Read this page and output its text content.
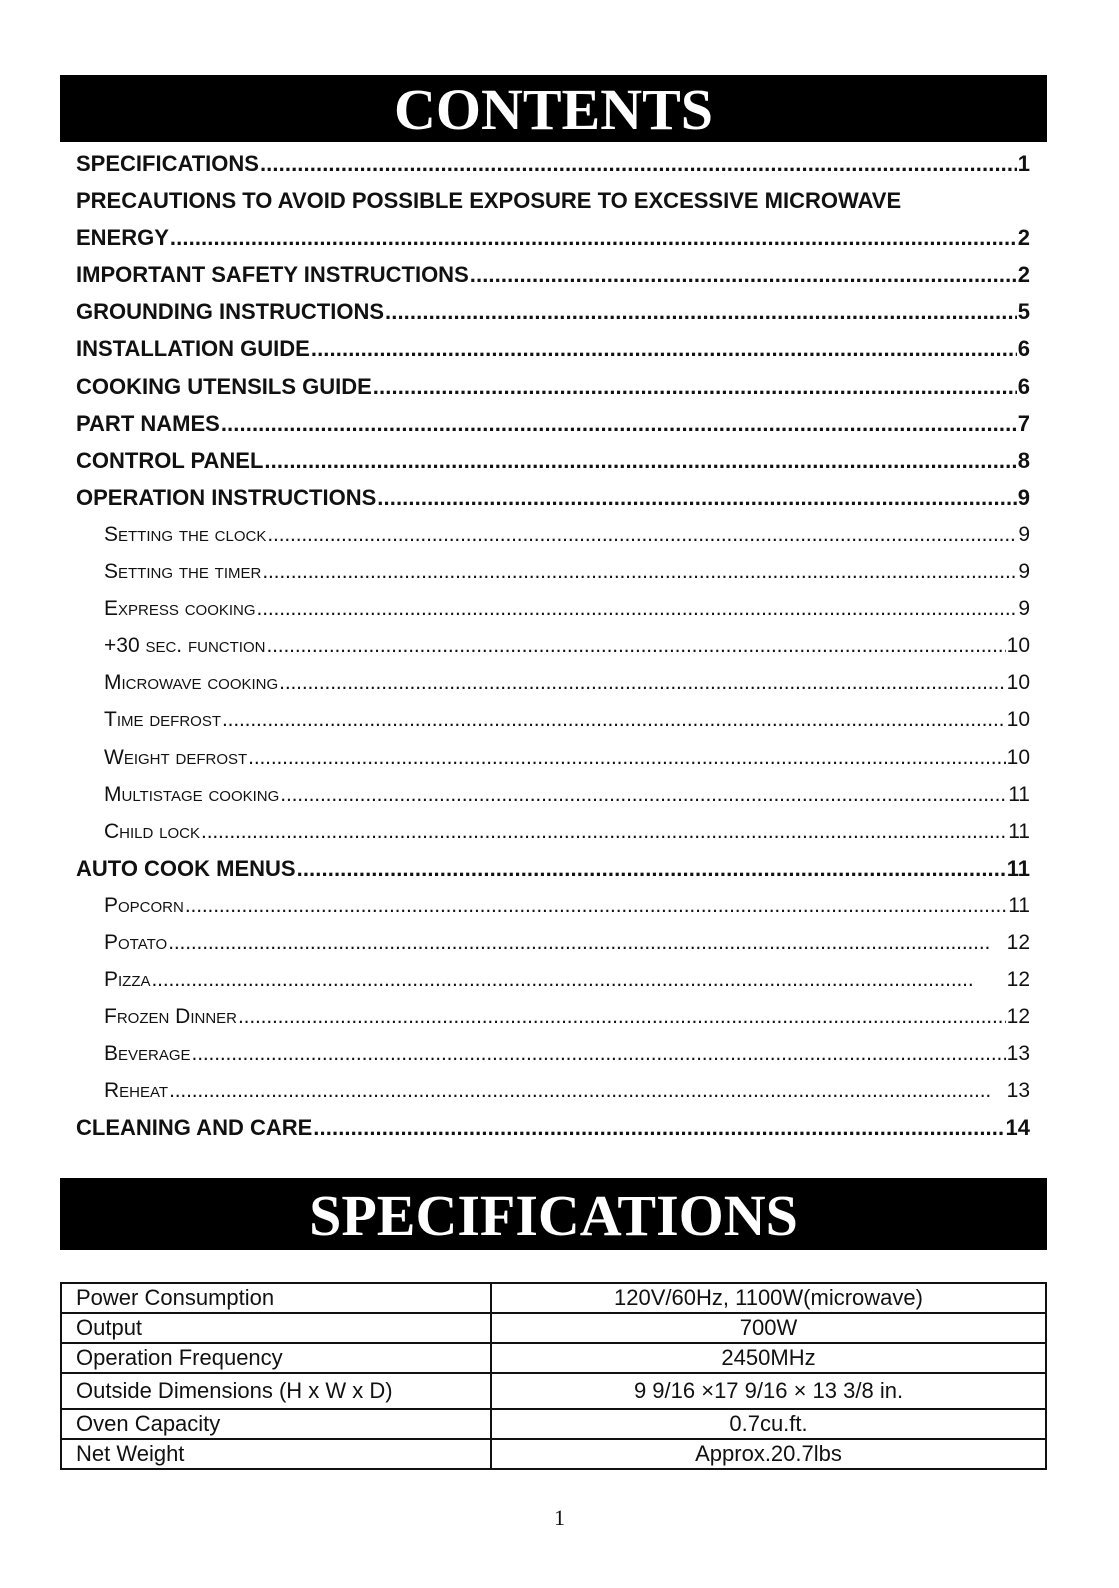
CONTENTS
SPECIFICATIONS . . .	1
PRECAUTIONS TO AVOID POSSIBLE EXPOSURE TO EXCESSIVE MICROWAVE
ENERGY . . .	2
IMPORTANT SAFETY INSTRUCTIONS . . .	2
GROUNDING INSTRUCTIONS . . .	5
INSTALLATION GUIDE . . .	6
COOKING UTENSILS GUIDE . . .	6
PART NAMES . . .	7
CONTROL PANEL . . .	8
OPERATION INSTRUCTIONS . . .	9
Setting the clock . . .	9
Setting the timer . . .	9
Express cooking . . .	9
+30 sec. function . . .	10
Microwave cooking . . .	10
Time defrost . . .	10
Weight defrost . . .	10
Multistage cooking . . .	11
Child lock . . .	11
AUTO COOK MENUS . . .	11
Popcorn . . .	11
Potato . . .	12
Pizza . . .	12
Frozen Dinner . . .	12
Beverage . . .	13
Reheat . . .	13
CLEANING AND CARE . . .	14
SPECIFICATIONS
Power Consumption	120V/60Hz, 1100W(microwave)
Output	700W
Operation Frequency	2450MHz
Outside Dimensions (H x W x D)	9 9/16 ×17 9/16 × 13 3/8 in.
Oven Capacity	0.7cu.ft.
Net Weight	Approx.20.7lbs
1
